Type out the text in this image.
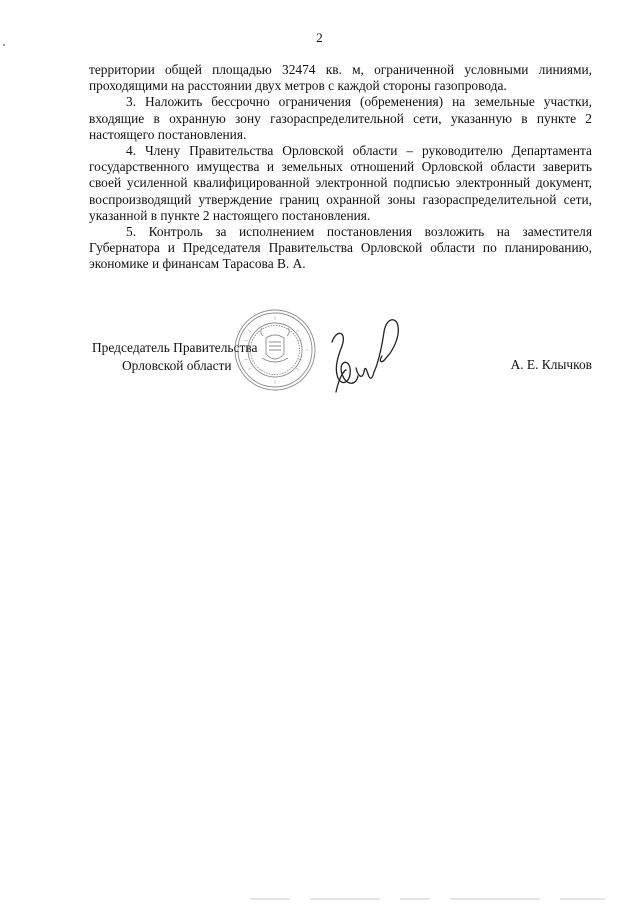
2

территории общей площадью 32474 кв. м, ограниченной условными линиями, проходящими на расстоянии двух метров с каждой стороны газопровода.

3. Наложить бессрочно ограничения (обременения) на земельные участки, входящие в охранную зону газораспределительной сети, указанную в пункте 2 настоящего постановления.

4. Члену Правительства Орловской области – руководителю Департамента государственного имущества и земельных отношений Орловской области заверить своей усиленной квалифицированной электронной подписью электронный документ, воспроизводящий утверждение границ охранной зоны газораспределительной сети, указанной в пункте 2 настоящего постановления.

5. Контроль за исполнением постановления возложить на заместителя Губернатора и Председателя Правительства Орловской области по планированию, экономике и финансам Тарасова В. А.

Председатель Правительства
Орловской области	А. Е. Клычков
